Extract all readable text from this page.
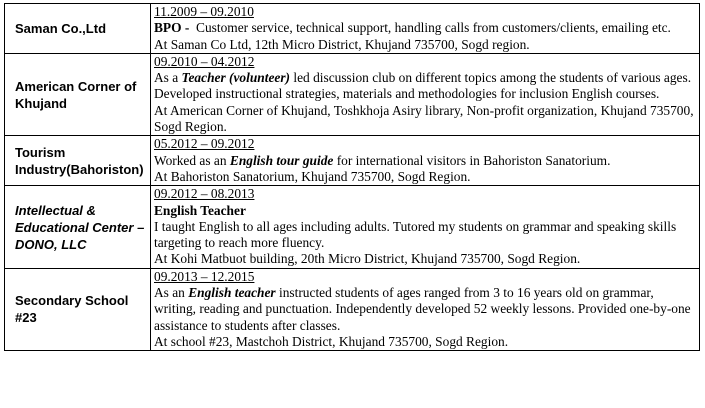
Saman Co.,Ltd	11.2009 – 09.2010
BPO -  Customer service, technical support, handling calls from customers/clients, emailing etc.
At Saman Co Ltd, 12th Micro District, Khujand 735700, Sogd region.

American Corner of Khujand	09.2010 – 04.2012
As a Teacher (volunteer) led discussion club on different topics among the students of various ages. Developed instructional strategies, materials and methodologies for inclusion English courses.
At American Corner of Khujand, Toshkhoja Asiry library, Non-profit organization, Khujand 735700, Sogd Region.

Tourism Industry(Bahoriston)	05.2012 – 09.2012
Worked as an English tour guide for international visitors in Bahoriston Sanatorium.
At Bahoriston Sanatorium, Khujand 735700, Sogd Region.

Intellectual & Educational Center – DONO, LLC	09.2012 – 08.2013
English Teacher
I taught English to all ages including adults. Tutored my students on grammar and speaking skills targeting to reach more fluency.
At Kohi Matbuot building, 20th Micro District, Khujand 735700, Sogd Region.

Secondary School #23	09.2013 – 12.2015
As an English teacher instructed students of ages ranged from 3 to 16 years old on grammar, writing, reading and punctuation. Independently developed 52 weekly lessons. Provided one-by-one assistance to students after classes.
At school #23, Mastchoh District, Khujand 735700, Sogd Region.
